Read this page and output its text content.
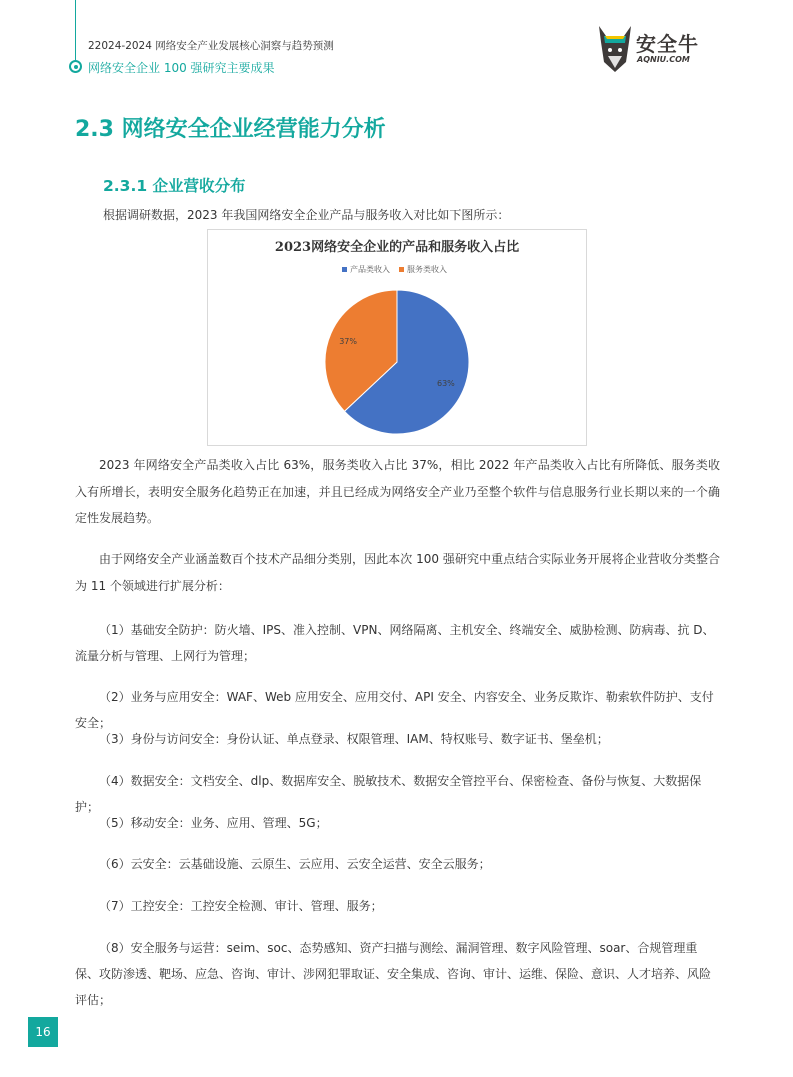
22024-2024 网络安全产业发展核心洞察与趋势预测
网络安全企业 100 强研究主要成果
安全牛
AQNIU.COM
2.3 网络安全企业经营能力分析
2.3.1 企业营收分布
根据调研数据，2023 年我国网络安全企业产品与服务收入对比如下图所示：
2023网络安全企业的产品和服务收入占比
产品类收入 服务类收入
63%
37%
2023 年网络安全产品类收入占比 63%，服务类收入占比 37%，相比 2022 年产品类收入占比有所降低、服务类收入有所增长，表明安全服务化趋势正在加速，并且已经成为网络安全产业乃至整个软件与信息服务行业长期以来的一个确定性发展趋势。
由于网络安全产业涵盖数百个技术产品细分类别，因此本次 100 强研究中重点结合实际业务开展将企业营收分类整合为 11 个领域进行扩展分析：
（1）基础安全防护：防火墙、IPS、准入控制、VPN、网络隔离、主机安全、终端安全、威胁检测、防病毒、抗 D、流量分析与管理、上网行为管理；
（2）业务与应用安全：WAF、Web 应用安全、应用交付、API 安全、内容安全、业务反欺诈、勒索软件防护、支付安全；
（3）身份与访问安全：身份认证、单点登录、权限管理、IAM、特权账号、数字证书、堡垒机；
（4）数据安全：文档安全、dlp、数据库安全、脱敏技术、数据安全管控平台、保密检查、备份与恢复、大数据保护；
（5）移动安全：业务、应用、管理、5G；
（6）云安全：云基础设施、云原生、云应用、云安全运营、安全云服务；
（7）工控安全：工控安全检测、审计、管理、服务；
（8）安全服务与运营：seim、soc、态势感知、资产扫描与测绘、漏洞管理、数字风险管理、soar、合规管理重保、攻防渗透、靶场、应急、咨询、审计、涉网犯罪取证、安全集成、咨询、审计、运维、保险、意识、人才培养、风险评估；
16
